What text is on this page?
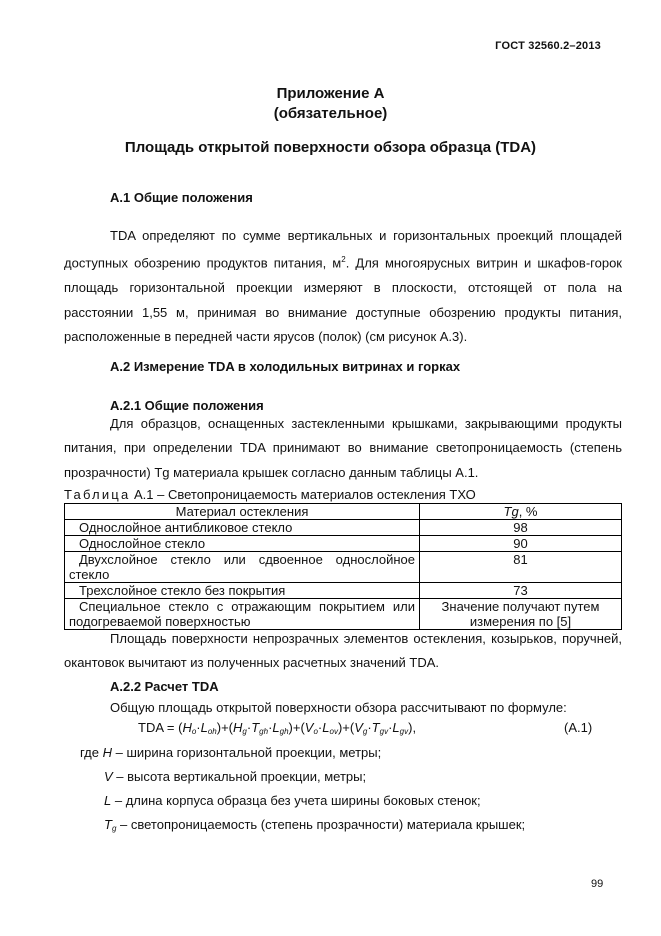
ГОСТ 32560.2–2013
Приложение А
(обязательное)
Площадь открытой поверхности обзора образца (TDA)
А.1 Общие положения
TDA определяют по сумме вертикальных и горизонтальных проекций площадей доступных обозрению продуктов питания, $м^2$. Для многоярусных витрин и шкафов-горок площадь горизонтальной проекции измеряют в плоскости, отстоящей от пола на расстоянии 1,55 м, принимая во внимание доступные обозрению продукты питания, расположенные в передней части ярусов (полок) (см рисунок А.3).
А.2 Измерение TDA в холодильных витринах и горках
А.2.1 Общие положения
Для образцов, оснащенных застекленными крышками, закрывающими продукты питания, при определении TDA принимают во внимание светопроницаемость (степень прозрачности) Tg материала крышек согласно данным таблицы А.1.
Таблица А.1 – Светопроницаемость материалов остекления ТХО
Материал остекления	Tg, %
Однослойное антибликовое стекло	98
Однослойное стекло	90
Двухслойное стекло или сдвоенное однослойное стекло	81
Трехслойное стекло без покрытия	73
Специальное стекло с отражающим покрытием или подогреваемой поверхностью	Значение получают путем измерения по [5]
Площадь поверхности непрозрачных элементов остекления, козырьков, поручней, окантовок вычитают из полученных расчетных значений TDA.
А.2.2 Расчет TDA
Общую площадь открытой поверхности обзора рассчитывают по формуле:
TDA = $(H_o\cdot L_{oh})+(H_g\cdot T_{gh}\cdot L_{gh})+(V_o\cdot L_{ov})+(V_g\cdot T_{gv}\cdot L_{gv})$,	(А.1)
где H – ширина горизонтальной проекции, метры;
V – высота вертикальной проекции, метры;
L – длина корпуса образца без учета ширины боковых стенок;
$T_g$ – светопроницаемость (степень прозрачности) материала крышек;
99
